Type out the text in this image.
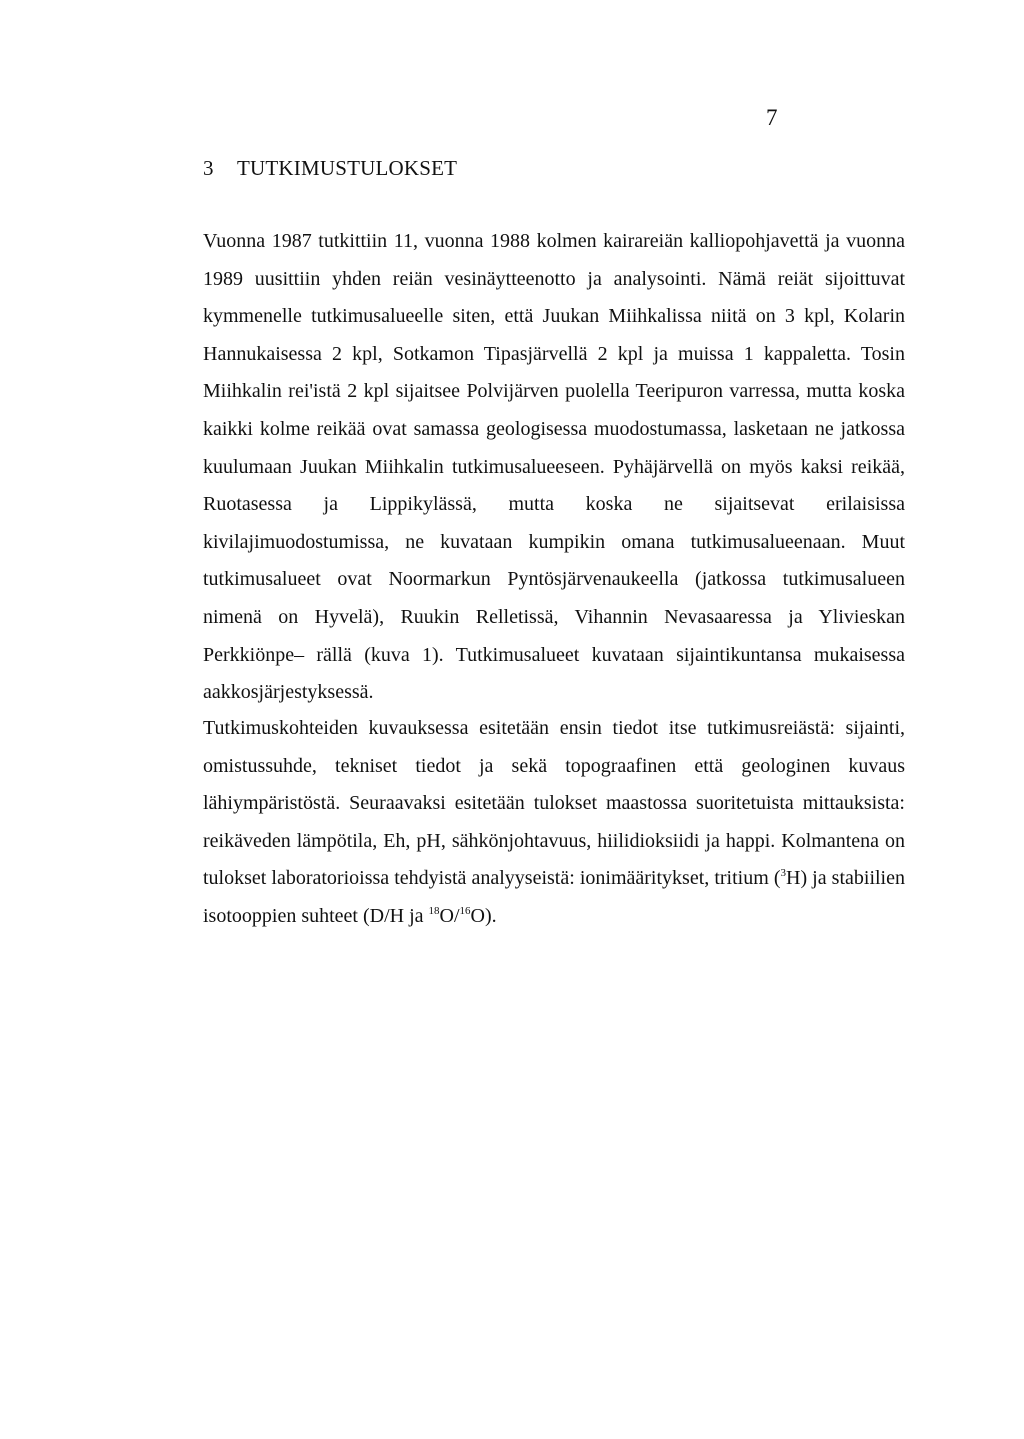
7
3 TUTKIMUSTULOKSET

Vuonna 1987 tutkittiin 11, vuonna 1988 kolmen kairareiän kalliopohjavettä ja vuonna 1989 uusittiin yhden reiän vesinäytteenotto ja analysointi. Nämä reiät sijoittuvat kymmenelle tutkimusalueelle siten, että Juukan Miihkalissa niitä on 3 kpl, Kolarin Hannukaisessa 2 kpl, Sotkamon Tipasjärvellä 2 kpl ja muissa 1 kappaletta. Tosin Miihkalin rei'istä 2 kpl sijaitsee Polvijärven puolella Teeripuron varressa, mutta koska kaikki kolme reikää ovat samassa geologisessa muodostumassa, lasketaan ne jatkossa kuulumaan Juukan Miihkalin tutkimusalueeseen. Pyhäjärvellä on myös kaksi reikää, Ruotasessa ja Lippikylässä, mutta koska ne sijaitsevat erilaisissa kivilajimuodostumissa, ne kuvataan kumpikin omana tutkimusalueenaan. Muut tutkimusalueet ovat Noormarkun Pyntösjärvenaukeella (jatkossa tutkimusalueen nimenä on Hyvelä), Ruukin Relletissä, Vihannin Nevasaaressa ja Ylivieskan Perkkiönpe– rällä (kuva 1). Tutkimusalueet kuvataan sijaintikuntansa mukaisessa aakkosjärjestyksessä.

Tutkimuskohteiden kuvauksessa esitetään ensin tiedot itse tutkimusreiästä: sijainti, omistussuhde, tekniset tiedot ja sekä topograafinen että geologinen kuvaus lähiympäristöstä. Seuraavaksi esitetään tulokset maastossa suoritetuista mittauksista: reikäveden lämpötila, Eh, pH, sähkönjohtavuus, hiilidioksiidi ja happi. Kolmantena on tulokset laboratorioissa tehdyistä analyyseistä: ionimääritykset, tritium ($^3$H) ja stabiilien isotooppien suhteet (D/H ja $^{18}$O/$^{16}$O).
